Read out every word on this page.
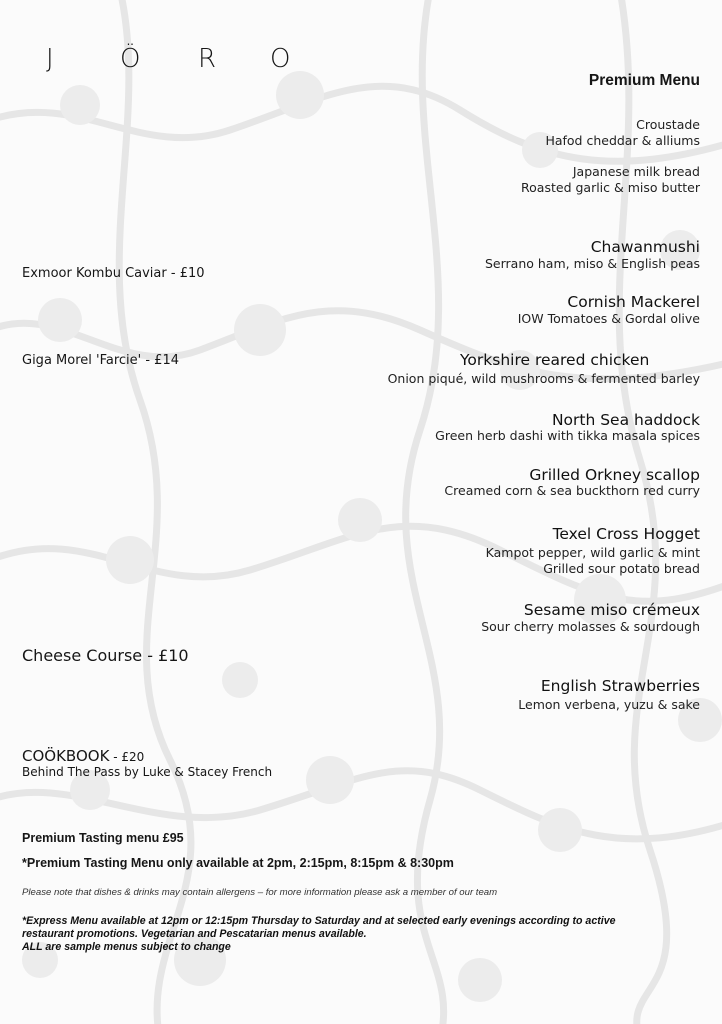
J	Ö R O
Premium Menu
Croustade
Hafod cheddar & alliums
Japanese milk bread
Roasted garlic & miso butter
Chawanmushi
Serrano ham, miso & English peas
Cornish Mackerel
IOW Tomatoes & Gordal olive
Yorkshire reared chicken
Onion piqué, wild mushrooms & fermented barley
North Sea haddock
Green herb dashi with tikka masala spices
Grilled Orkney scallop
Creamed corn & sea buckthorn red curry
Texel Cross Hogget
Kampot pepper, wild garlic & mint
Grilled sour potato bread
Sesame miso crémeux
Sour cherry molasses & sourdough
English Strawberries
Lemon verbena, yuzu & sake
Exmoor Kombu Caviar - £10
Giga Morel 'Farcie' - £14
Cheese Course - £10
COÖKBOOK - £20
Behind The Pass by Luke & Stacey French
Premium Tasting menu £95
*Premium Tasting Menu only available at 2pm, 2:15pm, 8:15pm & 8:30pm
Please note that dishes & drinks may contain allergens – for more information please ask a member of our team
*Express Menu available at 12pm or 12:15pm Thursday to Saturday and at selected early evenings according to active
restaurant promotions. Vegetarian and Pescatarian menus available.
ALL are sample menus subject to change
